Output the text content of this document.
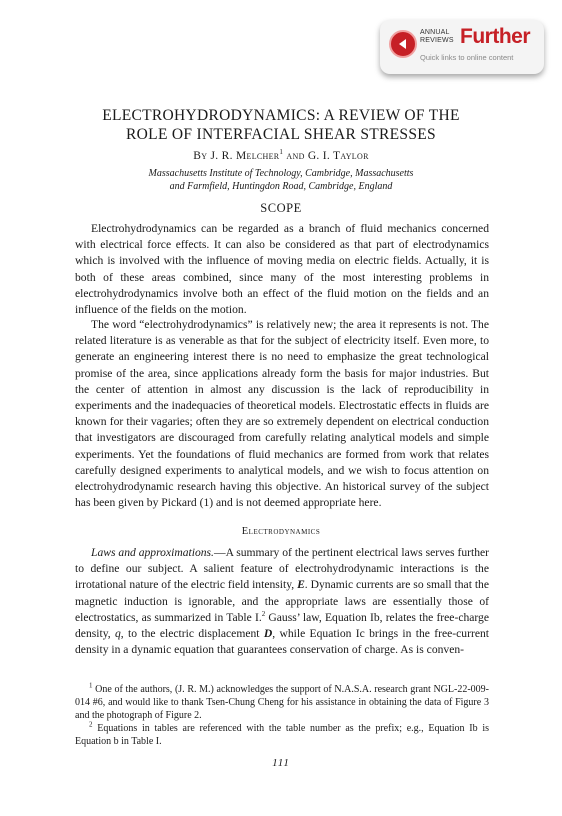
ANNUAL
REVIEWS Further
Quick links to online content
ELECTROHYDRODYNAMICS: A REVIEW OF THE
ROLE OF INTERFACIAL SHEAR STRESSES
By J. R. Melcher$^1$ and G. I. Taylor
Massachusetts Institute of Technology, Cambridge, Massachusetts
and Farmfield, Huntingdon Road, Cambridge, England
SCOPE

Electrohydrodynamics can be regarded as a branch of fluid mechanics concerned with electrical force effects. It can also be considered as that part of electrodynamics which is involved with the influence of moving media on electric fields. Actually, it is both of these areas combined, since many of the most interesting problems in electrohydrodynamics involve both an effect of the fluid motion on the fields and an influence of the fields on the motion.

The word “electrohydrodynamics” is relatively new; the area it represents is not. The related literature is as venerable as that for the subject of electricity itself. Even more, to generate an engineering interest there is no need to emphasize the great technological promise of the area, since applications already form the basis for major industries. But the center of attention in almost any discussion is the lack of reproducibility in experiments and the inadequacies of theoretical models. Electrostatic effects in fluids are known for their vagaries; often they are so extremely dependent on electrical conduction that investigators are discouraged from carefully relating analytical models and simple experiments. Yet the foundations of fluid mechanics are formed from work that relates carefully designed experiments to analytical models, and we wish to focus attention on electrohydrodynamic research having this objective. An historical survey of the subject has been given by Pickard (1) and is not deemed appropriate here.

Electrodynamics

Laws and approximations.—A summary of the pertinent electrical laws serves further to define our subject. A salient feature of electrohydrodynamic interactions is the irrotational nature of the electric field intensity, E. Dynamic currents are so small that the magnetic induction is ignorable, and the appropriate laws are essentially those of electrostatics, as summarized in Table I.$^2$ Gauss’ law, Equation Ib, relates the free-charge density, q, to the electric displacement D, while Equation Ic brings in the free-current density in a dynamic equation that guarantees conservation of charge. As is conven-

$^1$ One of the authors, (J. R. M.) acknowledges the support of N.A.S.A. research grant NGL-22-009-014 #6, and would like to thank Tsen-Chung Cheng for his assistance in obtaining the data of Figure 3 and the photograph of Figure 2.

$^2$ Equations in tables are referenced with the table number as the prefix; e.g., Equation Ib is Equation b in Table I.

111
